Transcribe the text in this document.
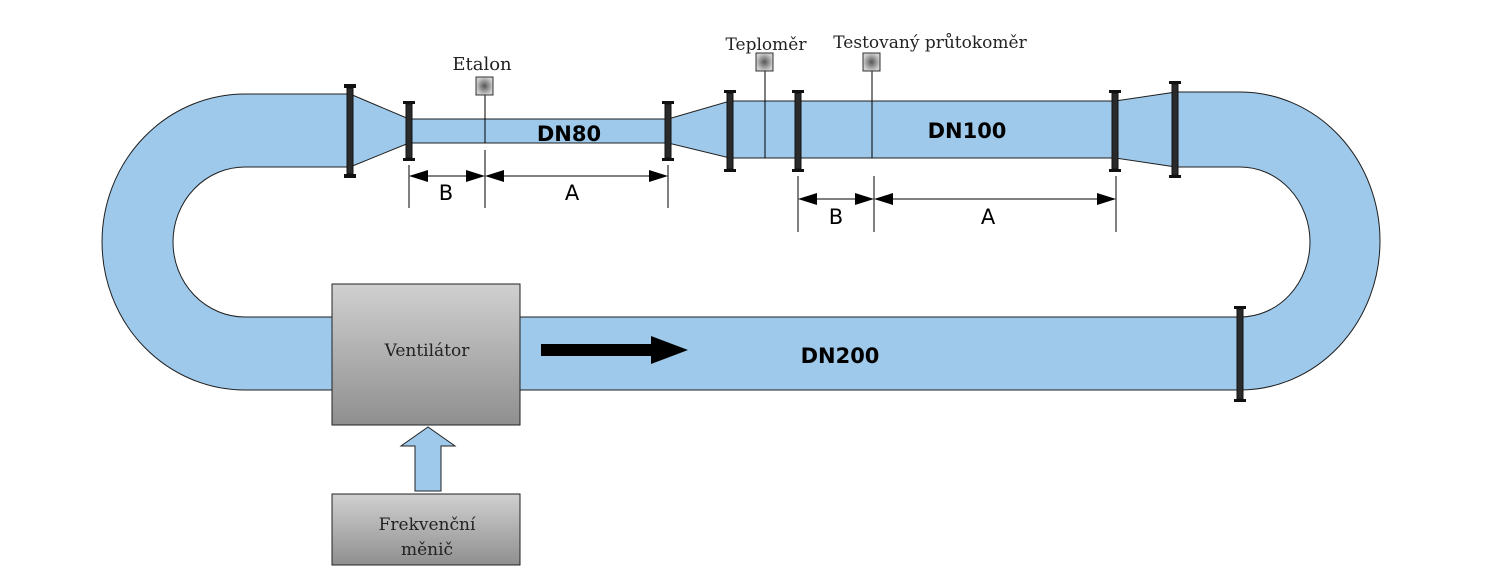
Etalon
Teploměr Testovaný průtokoměr
DN80	DN100
DN200
B	A
B	A
Ventilátor
Frekvenční
měnič
